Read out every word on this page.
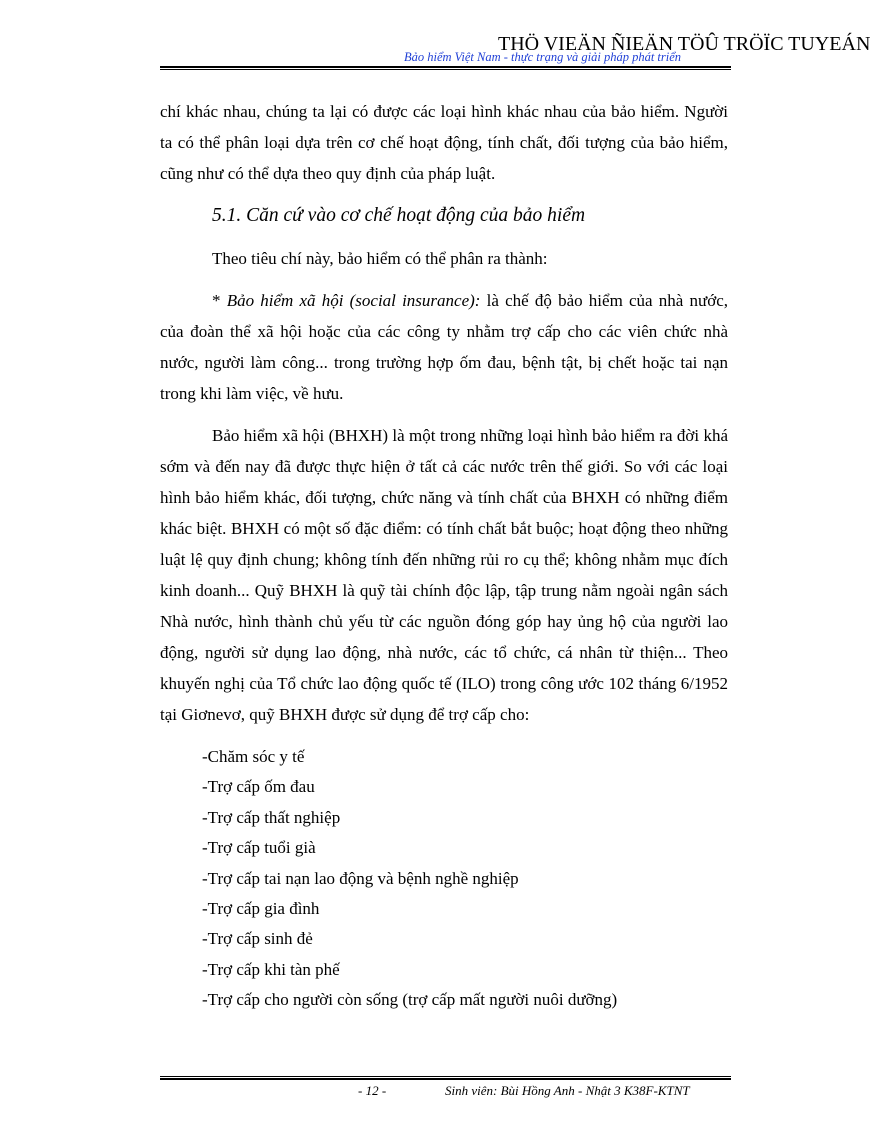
THÖ VIEÄN ÑIEÄN TÖÛ TRÖÏC TUYEÁN
Bảo hiểm Việt Nam - thực trạng và giải pháp phát triển

chí khác nhau, chúng ta lại có được các loại hình khác nhau của bảo hiểm. Người ta có thể phân loại dựa trên cơ chế hoạt động, tính chất, đối tượng của bảo hiểm, cũng như có thể dựa theo quy định của pháp luật.

5.1. Căn cứ vào cơ chế hoạt động của bảo hiểm

Theo tiêu chí này, bảo hiểm có thể phân ra thành:

* Bảo hiểm xã hội (social insurance): là chế độ bảo hiểm của nhà nước, của đoàn thể xã hội hoặc của các công ty nhằm trợ cấp cho các viên chức nhà nước, người làm công... trong trường hợp ốm đau, bệnh tật, bị chết hoặc tai nạn trong khi làm việc, về hưu.

Bảo hiểm xã hội (BHXH) là một trong những loại hình bảo hiểm ra đời khá sớm và đến nay đã được thực hiện ở tất cả các nước trên thế giới. So với các loại hình bảo hiểm khác, đối tượng, chức năng và tính chất của BHXH có những điểm khác biệt. BHXH có một số đặc điểm: có tính chất bắt buộc; hoạt động theo những luật lệ quy định chung; không tính đến những rủi ro cụ thể; không nhằm mục đích kinh doanh... Quỹ BHXH là quỹ tài chính độc lập, tập trung nằm ngoài ngân sách Nhà nước, hình thành chủ yếu từ các nguồn đóng góp hay ủng hộ của người lao động, người sử dụng lao động, nhà nước, các tổ chức, cá nhân từ thiện... Theo khuyến nghị của Tổ chức lao động quốc tế (ILO) trong công ước 102 tháng 6/1952 tại Giơnevơ, quỹ BHXH được sử dụng để trợ cấp cho:

-Chăm sóc y tế
-Trợ cấp ốm đau
-Trợ cấp thất nghiệp
-Trợ cấp tuổi già
-Trợ cấp tai nạn lao động và bệnh nghề nghiệp
-Trợ cấp gia đình
-Trợ cấp sinh đẻ
-Trợ cấp khi tàn phế
-Trợ cấp cho người còn sống (trợ cấp mất người nuôi dưỡng)
- 12 -	Sinh viên: Bùi Hồng Anh - Nhật 3 K38F-KTNT
